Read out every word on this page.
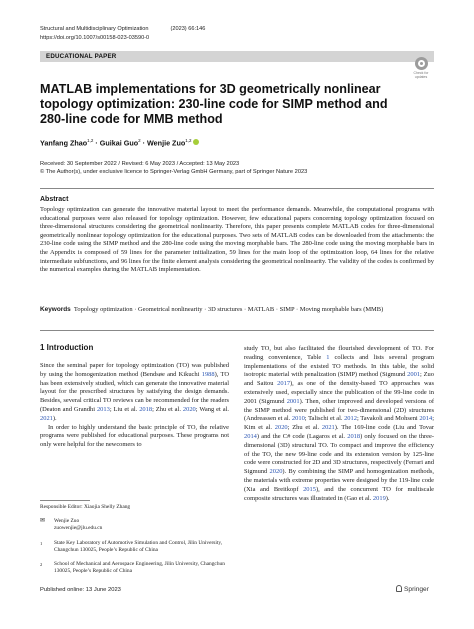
Structural and Multidisciplinary Optimization	(2023) 66:146
https://doi.org/10.1007/s00158-023-03590-0
EDUCATIONAL PAPER
Check for
updates
MATLAB implementations for 3D geometrically nonlinear topology optimization: 230-line code for SIMP method and 280-line code for MMB method
Yanfang Zhao$^{1,2}$ · Guikai Guo$^2$ · Wenjie Zuo$^{1,2}$
Received: 30 September 2022 / Revised: 6 May 2023 / Accepted: 13 May 2023
© The Author(s), under exclusive licence to Springer-Verlag GmbH Germany, part of Springer Nature 2023
Abstract
Topology optimization can generate the innovative material layout to meet the performance demands. Meanwhile, the computational programs with educational purposes were also released for topology optimization. However, few educational papers concerning topology optimization focused on three-dimensional structures considering the geometrical nonlinearity. Therefore, this paper presents complete MATLAB codes for three-dimensional geometrically nonlinear topology optimization for the educational purposes. Two sets of MATLAB codes can be downloaded from the attachments: the 230-line code using the SIMP method and the 280-line code using the moving morphable bars. The 280-line code using the moving morphable bars in the Appendix is composed of 59 lines for the parameter initialization, 59 lines for the main loop of the optimization loop, 64 lines for the relative intermediate subfunctions, and 96 lines for the finite element analysis considering the geometrical nonlinearity. The validity of the codes is confirmed by the numerical examples during the MATLAB implementation.
Keywords Topology optimization · Geometrical nonlinearity · 3D structures · MATLAB · SIMP · Moving morphable bars (MMB)
1 Introduction

Since the seminal paper for topology optimization (TO) was published by using the homogenization method (Bendsøe and Kikuchi 1988), TO has been extensively studied, which can generate the innovative material layout for the prescribed structures by satisfying the design demands. Besides, several critical TO reviews can be recommended for the readers (Deaton and Grandhi 2013; Liu et al. 2018; Zhu et al. 2020; Wang et al. 2021).

In order to highly understand the basic principle of TO, the relative programs were published for educational purposes. These programs not only were helpful for the newcomers to

study TO, but also facilitated the flourished development of TO. For reading convenience, Table 1 collects and lists several program implementations of the existed TO methods. In this table, the solid isotropic material with penalization (SIMP) method (Sigmund 2001; Zuo and Saitou 2017), as one of the density-based TO approaches was extensively used, especially since the publication of the 99-line code in 2001 (Sigmund 2001). Then, other improved and developed versions of the SIMP method were published for two-dimensional (2D) structures (Andreassen et al. 2010; Talischi et al. 2012; Tavakoli and Mohseni 2014; Kim et al. 2020; Zhu et al. 2021). The 169-line code (Liu and Tovar 2014) and the C# code (Lagaros et al. 2018) only focused on the three-dimensional (3D) structural TO. To compact and improve the efficiency of the TO, the new 99-line code and its extension version by 125-line code were constructed for 2D and 3D structures, respectively (Ferrari and Sigmund 2020). By combining the SIMP and homogenization methods, the materials with extreme properties were designed by the 119-line code (Xia and Breitkopf 2015), and the concurrent TO for multiscale composite structures was illustrated in (Gao et al. 2019).

Responsible Editor: Xiaojia Shelly Zhang
✉	Wenjie Zuo
zuowenjie@jlu.edu.cn
$^1$	State Key Laboratory of Automotive Simulation and Control, Jilin University, Changchun 130025, People’s Republic of China
$^2$	School of Mechanical and Aerospace Engineering, Jilin University, Changchun 130025, People’s Republic of China
Published online: 13 June 2023	Springer
